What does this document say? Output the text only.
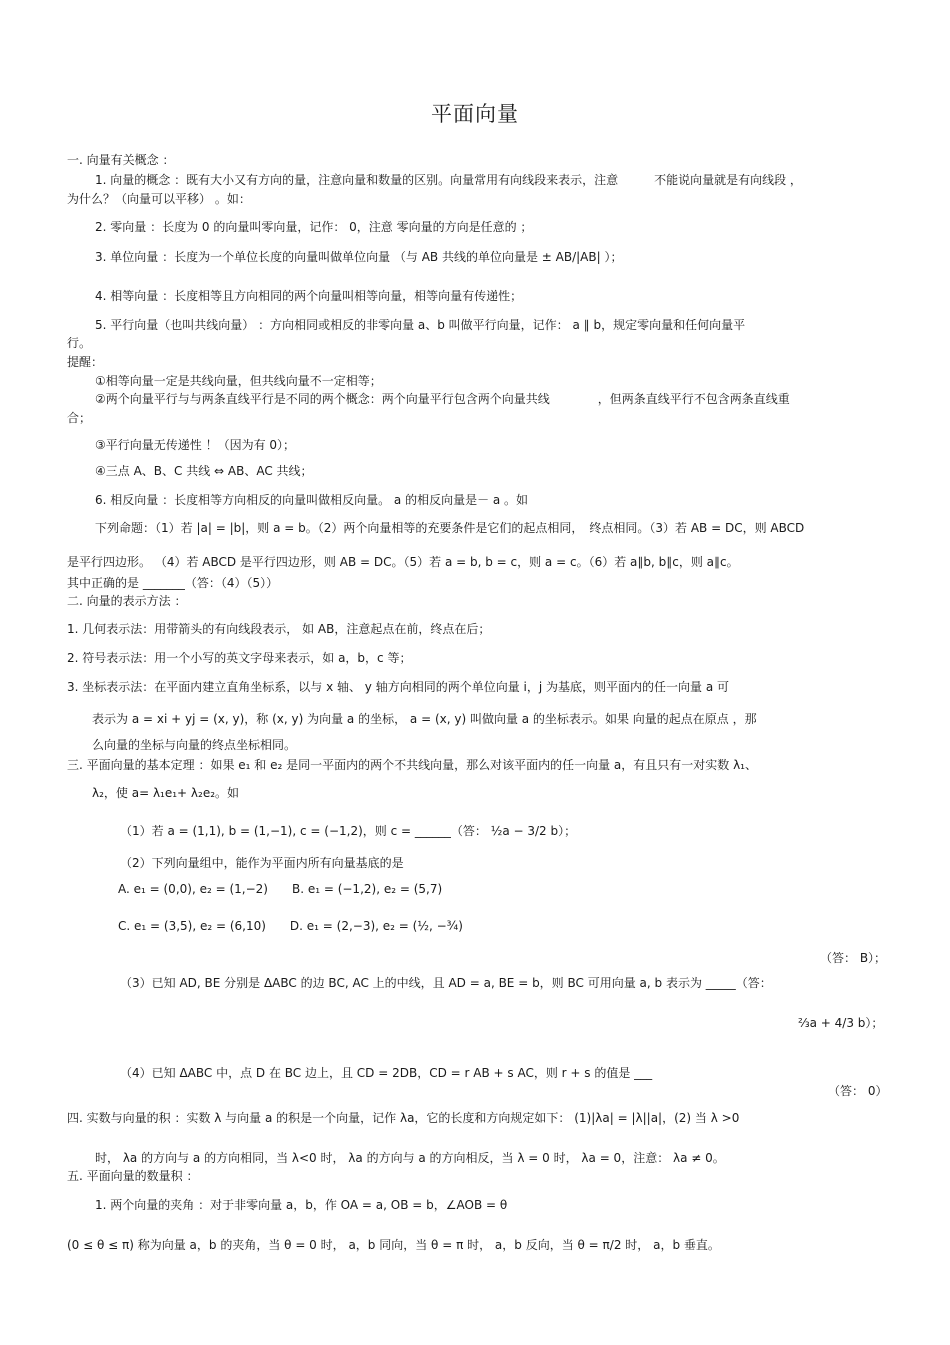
平面向量
一. 向量有关概念 ：
1. 向量的概念 ：既有大小又有方向的量，注意向量和数量的区别。向量常用有向线段来表示，注意　　　不能说向量就是有向线段 ，
为什么？（向量可以平移） 。如：
2. 零向量 ：长度为 0 的向量叫零向量，记作： 0，注意 零向量的方向是任意的 ；
3. 单位向量 ：长度为一个单位长度的向量叫做单位向量 （与 AB 共线的单位向量是 ± AB/|AB| ）；
4. 相等向量 ：长度相等且方向相同的两个向量叫相等向量，相等向量有传递性；
5. 平行向量（也叫共线向量） ：方向相同或相反的非零向量 a、b 叫做平行向量，记作： a ∥ b，规定零向量和任何向量平
行。
提醒：
①相等向量一定是共线向量，但共线向量不一定相等；
②两个向量平行与与两条直线平行是不同的两个概念：两个向量平行包含两个向量共线　　　　，但两条直线平行不包含两条直线重
合；
③平行向量无传递性 ！（因为有 0）；
④三点 A、B、C 共线 ⇔ AB、AC 共线；
6. 相反向量 ：长度相等方向相反的向量叫做相反向量。 a 的相反向量是－ a 。如
下列命题：（1）若 |a| = |b|，则 a = b。（2）两个向量相等的充要条件是它们的起点相同，　终点相同。（3）若 AB = DC，则 ABCD
是平行四边形。 （4）若 ABCD 是平行四边形，则 AB = DC。（5）若 a = b, b = c，则 a = c。（6）若 a∥b, b∥c，则 a∥c。
其中正确的是 _______（答：（4）（5））
二. 向量的表示方法 ：
1. 几何表示法：用带箭头的有向线段表示， 如 AB，注意起点在前，终点在后；
2. 符号表示法：用一个小写的英文字母来表示，如 a，b，c 等；
3. 坐标表示法：在平面内建立直角坐标系，以与 x 轴、 y 轴方向相同的两个单位向量 i，j 为基底，则平面内的任一向量 a 可
表示为 a = xi + yj = (x, y)，称 (x, y) 为向量 a 的坐标， a = (x, y) 叫做向量 a 的坐标表示。如果 向量的起点在原点 ，那
么向量的坐标与向量的终点坐标相同。
三. 平面向量的基本定理 ：如果 e₁ 和 e₂ 是同一平面内的两个不共线向量，那么对该平面内的任一向量 a，有且只有一对实数 λ₁、
λ₂，使 a= λ₁e₁+ λ₂e₂。如
（1）若 a = (1,1), b = (1,−1), c = (−1,2)，则 c = ______（答： ½a − 3/2 b）；
（2）下列向量组中，能作为平面内所有向量基底的是
A. e₁ = (0,0), e₂ = (1,−2)　　B. e₁ = (−1,2), e₂ = (5,7)
C. e₁ = (3,5), e₂ = (6,10)　　D. e₁ = (2,−3), e₂ = (½, −¾)
（答： B）；
（3）已知 AD, BE 分别是 ΔABC 的边 BC, AC 上的中线，且 AD = a, BE = b，则 BC 可用向量 a, b 表示为 _____（答：
⅔a + 4/3 b）；
（4）已知 ΔABC 中，点 D 在 BC 边上，且 CD = 2DB，CD = r AB + s AC，则 r + s 的值是 ___
（答： 0）
四. 实数与向量的积 ：实数 λ 与向量 a 的积是一个向量，记作 λa，它的长度和方向规定如下： (1)|λa| = |λ||a|，(2) 当 λ >0
时， λa 的方向与 a 的方向相同，当 λ<0 时， λa 的方向与 a 的方向相反，当 λ = 0 时， λa = 0，注意： λa ≠ 0。
五. 平面向量的数量积 ：
1. 两个向量的夹角 ：对于非零向量 a，b，作 OA = a, OB = b，∠AOB = θ
(0 ≤ θ ≤ π) 称为向量 a，b 的夹角，当 θ = 0 时， a，b 同向，当 θ = π 时， a，b 反向，当 θ = π/2 时， a，b 垂直。
